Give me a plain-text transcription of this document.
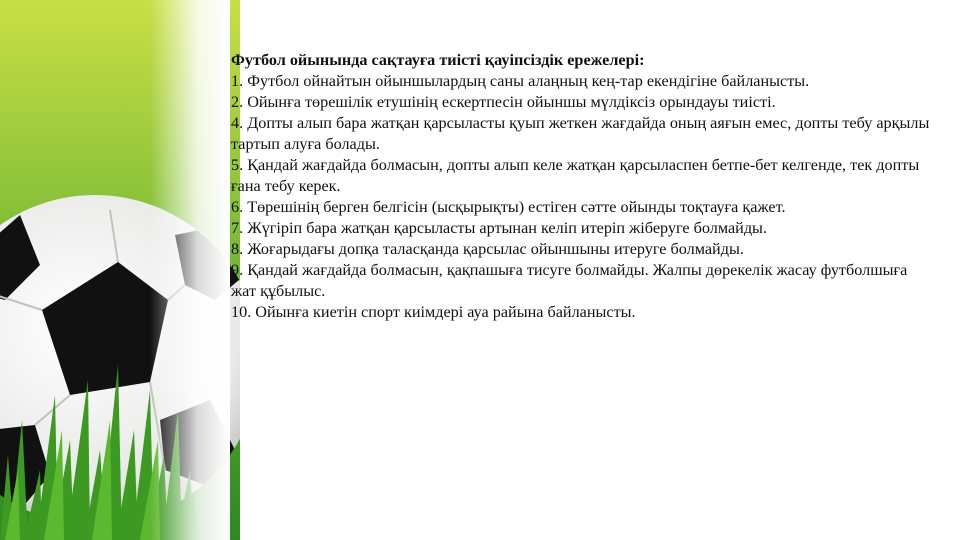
Футбол ойынында сақтауға тиісті қауіпсіздік ережелері:

1. Футбол ойнайтын ойыншылардың саны алаңның кең-тар екендігіне байланысты.

2. Ойынға төрешілік етушінің ескертпесін ойыншы мүлдіксіз орындауы тиісті.

4. Допты алып бара жатқан қарсыласты қуып жеткен жағдайда оның аяғын емес, допты тебу арқылы тартып алуға болады.

5. Қандай жағдайда болмасын, допты алып келе жатқан қарсыласпен бетпе-бет келгенде, тек допты ғана тебу керек.

6. Төрешінің берген белгісін (ысқырықты) естіген сәтте ойынды тоқтауға қажет.

7. Жүгіріп бара жатқан қарсыласты артынан келіп итеріп жіберуге болмайды.

8. Жоғарыдағы допқа таласқанда қарсылас ойыншыны итеруге болмайды.

9. Қандай жағдайда болмасын, қақпашыға тисуге болмайды. Жалпы дөрекелік жасау футболшыға жат құбылыс.

10. Ойынға киетін спорт киімдері ауа райына байланысты.
